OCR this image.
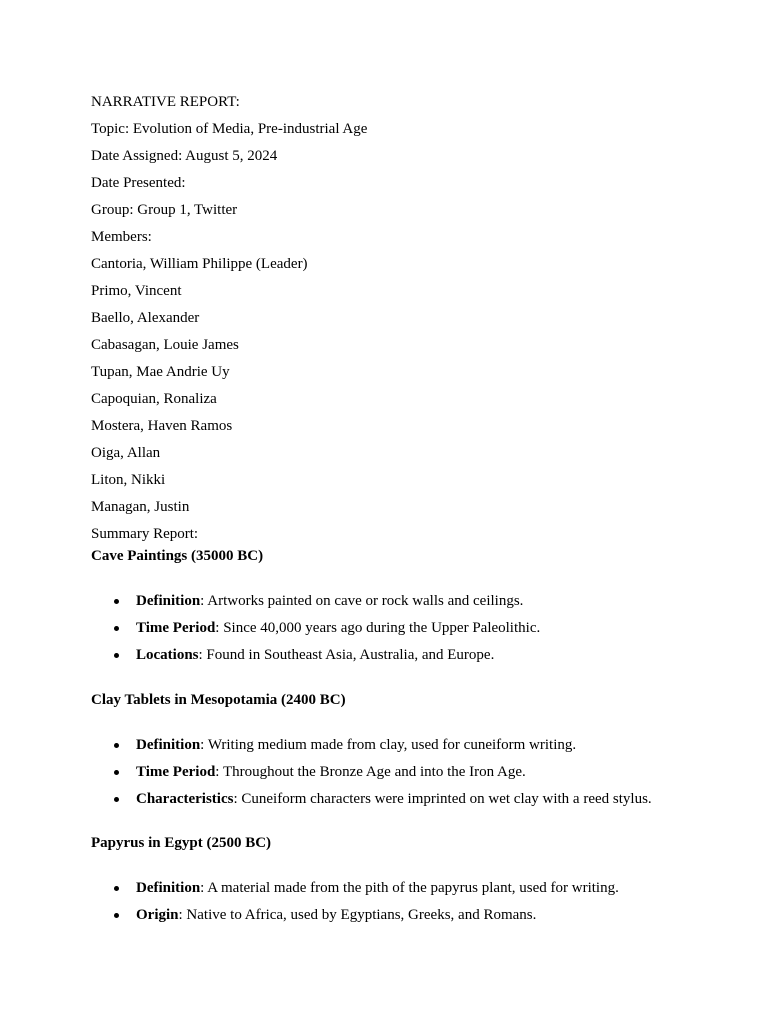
NARRATIVE REPORT:
Topic: Evolution of Media, Pre-industrial Age
Date Assigned: August 5, 2024
Date Presented:
Group: Group 1, Twitter
Members:
Cantoria, William Philippe (Leader)
Primo, Vincent
Baello, Alexander
Cabasagan, Louie James
Tupan, Mae Andrie Uy
Capoquian, Ronaliza
Mostera, Haven Ramos
Oiga, Allan
Liton, Nikki
Managan, Justin
Summary Report:
Cave Paintings (35000 BC)
Definition: Artworks painted on cave or rock walls and ceilings.
Time Period: Since 40,000 years ago during the Upper Paleolithic.
Locations: Found in Southeast Asia, Australia, and Europe.
Clay Tablets in Mesopotamia (2400 BC)
Definition: Writing medium made from clay, used for cuneiform writing.
Time Period: Throughout the Bronze Age and into the Iron Age.
Characteristics: Cuneiform characters were imprinted on wet clay with a reed stylus.
Papyrus in Egypt (2500 BC)
Definition: A material made from the pith of the papyrus plant, used for writing.
Origin: Native to Africa, used by Egyptians, Greeks, and Romans.
